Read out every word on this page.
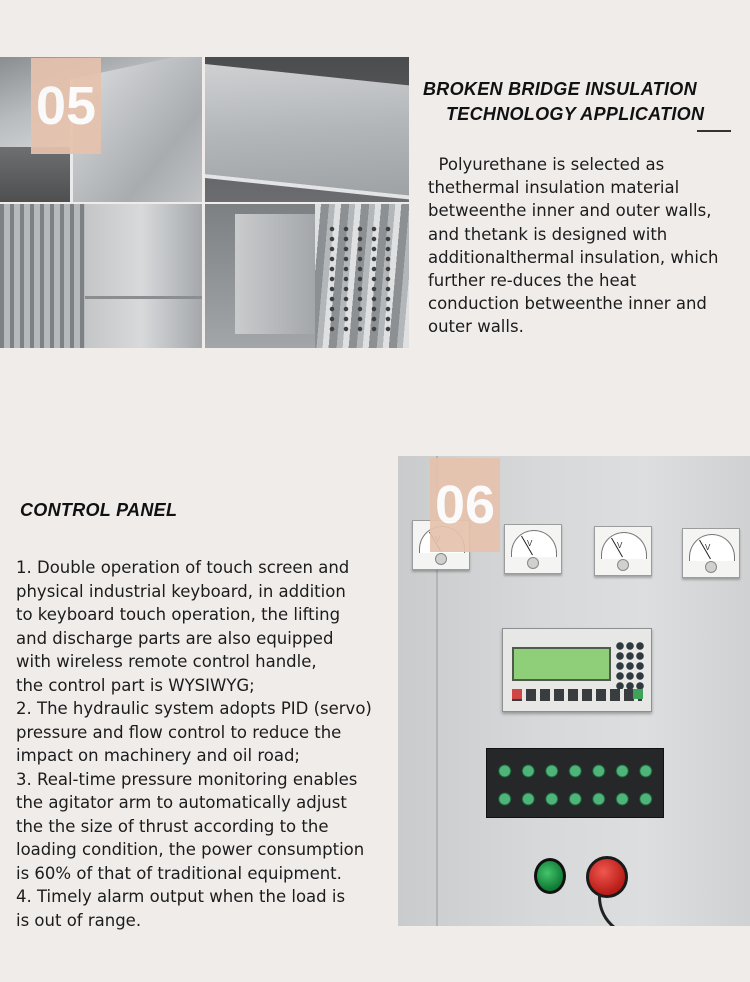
05	BROKEN BRIDGE INSULATION
TECHNOLOGY APPLICATION
Polyurethane is selected as
thethermal insulation material
betweenthe inner and outer walls,
and thetank is designed with
additionalthermal insulation, which
further re-duces the heat
conduction betweenthe inner and
outer walls.
CONTROL PANEL
1. Double operation of touch screen and
physical industrial keyboard, in addition
to keyboard touch operation, the lifting
and discharge parts are also equipped
with wireless remote control handle,
the control part is WYSIWYG;
2. The hydraulic system adopts PID (servo)
pressure and flow control to reduce the
impact on machinery and oil road;
3. Real-time pressure monitoring enables
the agitator arm to automatically adjust
the the size of thrust according to the
loading condition, the power consumption
is 60% of that of traditional equipment.
4. Timely alarm output when the load is
is out of range.
V	V	V
06
